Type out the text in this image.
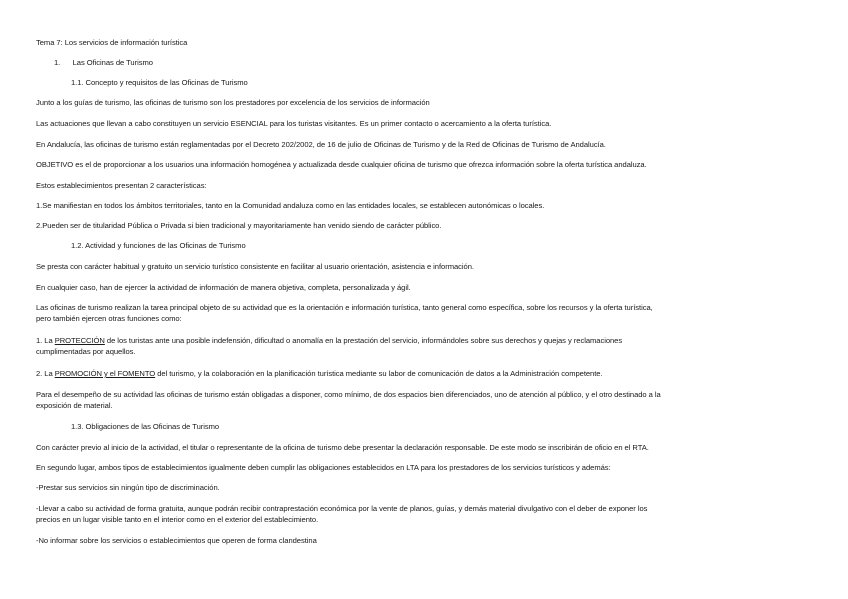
Tema 7: Los servicios de información turística
1.      Las Oficinas de Turismo
1.1. Concepto y requisitos de las Oficinas de Turismo
Junto a los guías de turismo, las oficinas de turismo son los prestadores por excelencia de los servicios de información
Las actuaciones que llevan a cabo constituyen un servicio ESENCIAL para los turistas visitantes. Es un primer contacto o acercamiento a la oferta turística.
En Andalucía, las oficinas de turismo están reglamentadas por el Decreto 202/2002, de 16 de julio de Oficinas de Turismo y de la Red de Oficinas de Turismo de Andalucía.
OBJETIVO es el de proporcionar a los usuarios una información homogénea y actualizada desde cualquier oficina de turismo que ofrezca información sobre la oferta turística andaluza.
Estos establecimientos presentan 2 características:
1.Se manifiestan en todos los ámbitos territoriales, tanto en la Comunidad andaluza como en las entidades locales, se establecen autonómicas o locales.
2.Pueden ser de titularidad Pública o Privada si bien tradicional y mayoritariamente han venido siendo de carácter público.
1.2. Actividad y funciones de las Oficinas de Turismo
Se presta con carácter habitual y gratuito un servicio turístico consistente en facilitar al usuario orientación, asistencia e información.
En cualquier caso, han de ejercer la actividad de información de manera objetiva, completa, personalizada y ágil.
Las oficinas de turismo realizan la tarea principal objeto de su actividad que es la orientación e información turística, tanto general como específica, sobre los recursos y la oferta turística,
pero también ejercen otras funciones como:
1. La PROTECCIÓN de los turistas ante una posible indefensión, dificultad o anomalía en la prestación del servicio, informándoles sobre sus derechos y quejas y reclamaciones
cumplimentadas por aquellos.
2. La PROMOCIÓN y el FOMENTO del turismo, y la colaboración en la planificación turística mediante su labor de comunicación de datos a la Administración competente.
Para el desempeño de su actividad las oficinas de turismo están obligadas a disponer, como mínimo, de dos espacios bien diferenciados, uno de atención al público, y el otro destinado a la
exposición de material.
1.3. Obligaciones de las Oficinas de Turismo
Con carácter previo al inicio de la actividad, el titular o representante de la oficina de turismo debe presentar la declaración responsable. De este modo se inscribirán de oficio en el RTA.
En segundo lugar, ambos tipos de establecimientos igualmente deben cumplir las obligaciones establecidos en LTA para los prestadores de los servicios turísticos y además:
-Prestar sus servicios sin ningún tipo de discriminación.
-Llevar a cabo su actividad de forma gratuita, aunque podrán recibir contraprestación económica por la vente de planos, guías, y demás material divulgativo con el deber de exponer los
precios en un lugar visible tanto en el interior como en el exterior del establecimiento.
-No informar sobre los servicios o establecimientos que operen de forma clandestina
